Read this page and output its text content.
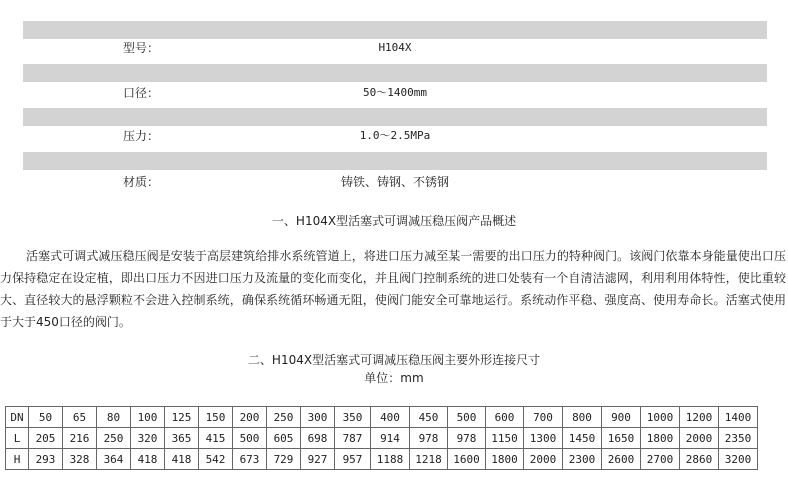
型号：	H104X
口径：	50～1400mm
压力：	1.0～2.5MPa
材质：	铸铁、铸钢、不锈钢
一、H104X型活塞式可调减压稳压阀产品概述
活塞式可调式减压稳压阀是安装于高层建筑给排水系统管道上，将进口压力减至某一需要的出口压力的特种阀门。该阀门依靠本身能量使出口压力保持稳定在设定植，即出口压力不因进口压力及流量的变化而变化，并且阀门控制系统的进口处装有一个自清洁滤网，利用利用体特性，使比重较大、直径较大的悬浮颗粒不会进入控制系统，确保系统循环畅通无阻，使阀门能安全可靠地运行。系统动作平稳、强度高、使用寿命长。活塞式使用于大于450口径的阀门。
二、H104X型活塞式可调减压稳压阀主要外形连接尺寸
单位：mm
DN	50	65	80	100	125	150	200	250	300	350	400	450	500	600	700	800	900	1000	1200	1400
L	205	216	250	320	365	415	500	605	698	787	914	978	978	1150	1300	1450	1650	1800	2000	2350
H	293	328	364	418	418	542	673	729	927	957	1188	1218	1600	1800	2000	2300	2600	2700	2860	3200
